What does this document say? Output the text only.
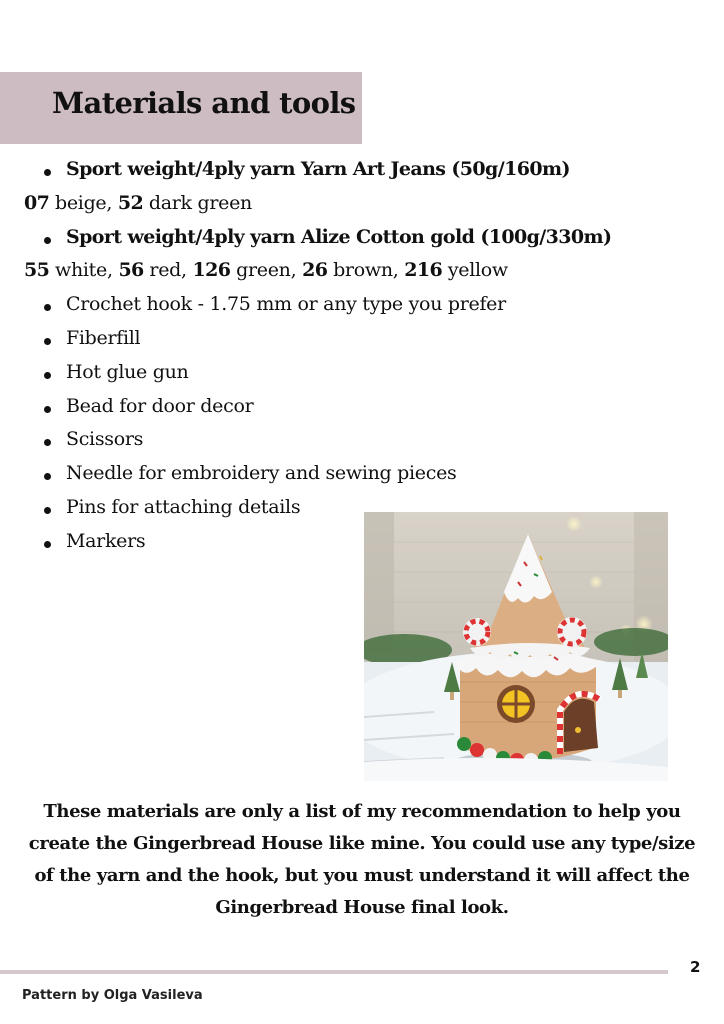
Materials and tools
Sport weight/4ply yarn Yarn Art Jeans (50g/160m)
07 beige, 52 dark green
Sport weight/4ply yarn Alize Cotton gold (100g/330m)
55 white, 56 red, 126 green, 26 brown, 216 yellow
Crochet hook - 1.75 mm or any type you prefer
Fiberfill
Hot glue gun
Bead for door decor
Scissors
Needle for embroidery and sewing pieces
Pins for attaching details
Markers
These materials are only a list of my recommendation to help you
create the Gingerbread House like mine. You could use any type/size
of the yarn and the hook, but you must understand it will affect the
Gingerbread House final look.
2
Pattern by Olga Vasileva
